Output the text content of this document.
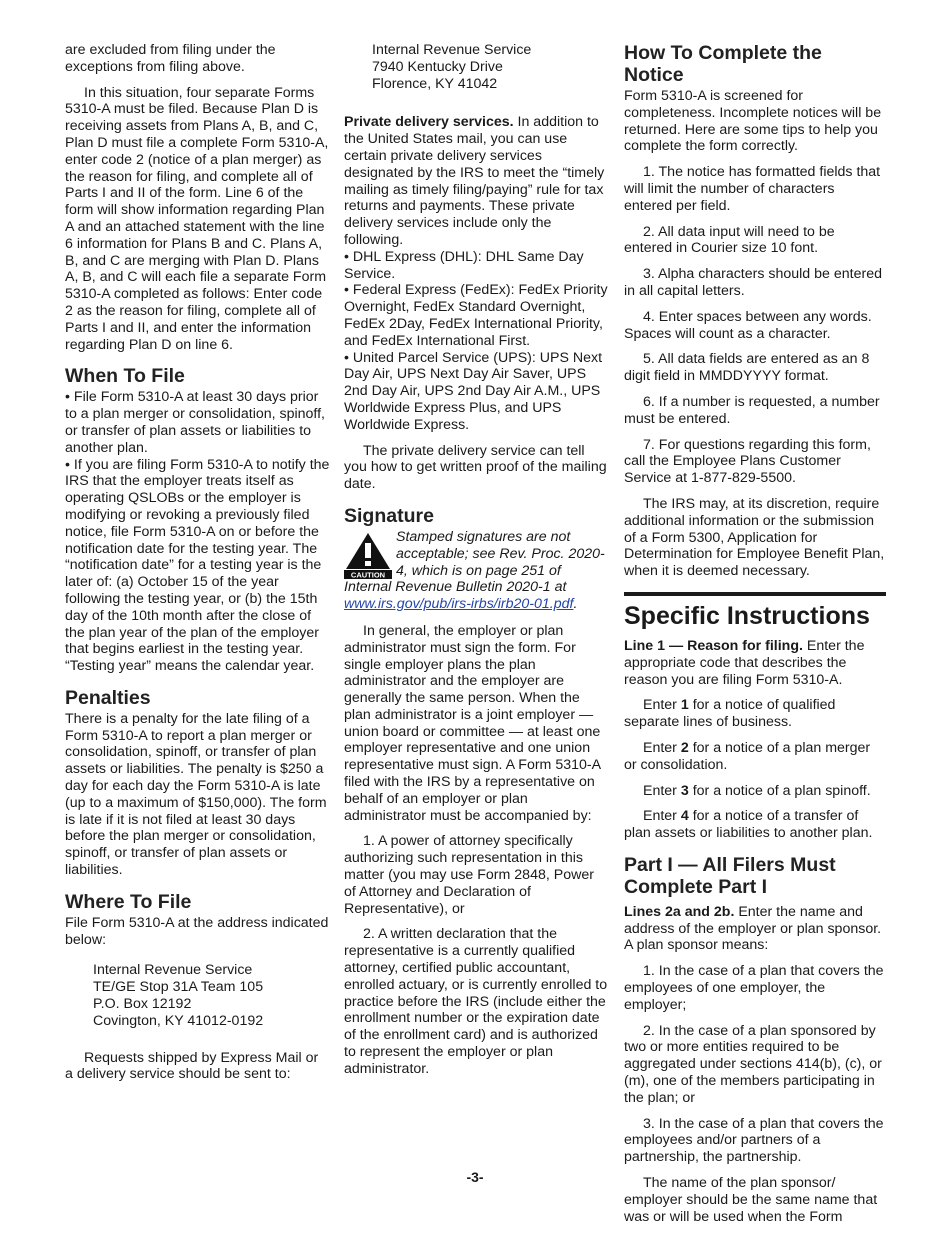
are excluded from filing under the exceptions from filing above.

In this situation, four separate Forms 5310-A must be filed. Because Plan D is receiving assets from Plans A, B, and C, Plan D must file a complete Form 5310-A, enter code 2 (notice of a plan merger) as the reason for filing, and complete all of Parts I and II of the form. Line 6 of the form will show information regarding Plan A and an attached statement with the line 6 information for Plans B and C. Plans A, B, and C are merging with Plan D. Plans A, B, and C will each file a separate Form 5310-A completed as follows: Enter code 2 as the reason for filing, complete all of Parts I and II, and enter the information regarding Plan D on line 6.

When To File

• File Form 5310-A at least 30 days prior to a plan merger or consolidation, spinoff, or transfer of plan assets or liabilities to another plan.

• If you are filing Form 5310-A to notify the IRS that the employer treats itself as operating QSLOBs or the employer is modifying or revoking a previously filed notice, file Form 5310-A on or before the notification date for the testing year. The “notification date” for a testing year is the later of: (a) October 15 of the year following the testing year, or (b) the 15th day of the 10th month after the close of the plan year of the plan of the employer that begins earliest in the testing year. “Testing year” means the calendar year.

Penalties

There is a penalty for the late filing of a Form 5310-A to report a plan merger or consolidation, spinoff, or transfer of plan assets or liabilities. The penalty is $250 a day for each day the Form 5310-A is late (up to a maximum of $150,000). The form is late if it is not filed at least 30 days before the plan merger or consolidation, spinoff, or transfer of plan assets or liabilities.

Where To File

File Form 5310-A at the address indicated below:

Internal Revenue Service
TE/GE Stop 31A Team 105
P.O. Box 12192
Covington, KY 41012-0192

Requests shipped by Express Mail or a delivery service should be sent to:

Internal Revenue Service
7940 Kentucky Drive
Florence, KY 41042

Private delivery services. In addition to the United States mail, you can use certain private delivery services designated by the IRS to meet the “timely mailing as timely filing/paying” rule for tax returns and payments. These private delivery services include only the following.

• DHL Express (DHL): DHL Same Day Service.

• Federal Express (FedEx): FedEx Priority Overnight, FedEx Standard Overnight, FedEx 2Day, FedEx International Priority, and FedEx International First.

• United Parcel Service (UPS): UPS Next Day Air, UPS Next Day Air Saver, UPS 2nd Day Air, UPS 2nd Day Air A.M., UPS Worldwide Express Plus, and UPS Worldwide Express.

The private delivery service can tell you how to get written proof of the mailing date.

Signature
CAUTION

Stamped signatures are not acceptable; see Rev. Proc. 2020-4, which is on page 251 of Internal Revenue Bulletin 2020-1 at www.irs.gov/pub/irs-irbs/irb20-01.pdf.

In general, the employer or plan administrator must sign the form. For single employer plans the plan administrator and the employer are generally the same person. When the plan administrator is a joint employer — union board or committee — at least one employer representative and one union representative must sign. A Form 5310-A filed with the IRS by a representative on behalf of an employer or plan administrator must be accompanied by:

1. A power of attorney specifically authorizing such representation in this matter (you may use Form 2848, Power of Attorney and Declaration of Representative), or

2. A written declaration that the representative is a currently qualified attorney, certified public accountant, enrolled actuary, or is currently enrolled to practice before the IRS (include either the enrollment number or the expiration date of the enrollment card) and is authorized to represent the employer or plan administrator.

How To Complete the Notice

Form 5310-A is screened for completeness. Incomplete notices will be returned. Here are some tips to help you complete the form correctly.

1. The notice has formatted fields that will limit the number of characters entered per field.

2. All data input will need to be entered in Courier size 10 font.

3. Alpha characters should be entered in all capital letters.

4. Enter spaces between any words. Spaces will count as a character.

5. All data fields are entered as an 8 digit field in MMDDYYYY format.

6. If a number is requested, a number must be entered.

7. For questions regarding this form, call the Employee Plans Customer Service at 1-877-829-5500.

The IRS may, at its discretion, require additional information or the submission of a Form 5300, Application for Determination for Employee Benefit Plan, when it is deemed necessary.

Specific Instructions

Line 1 — Reason for filing. Enter the appropriate code that describes the reason you are filing Form 5310-A.

Enter 1 for a notice of qualified separate lines of business.

Enter 2 for a notice of a plan merger or consolidation.

Enter 3 for a notice of a plan spinoff.

Enter 4 for a notice of a transfer of plan assets or liabilities to another plan.

Part I — All Filers Must Complete Part I

Lines 2a and 2b. Enter the name and address of the employer or plan sponsor. A plan sponsor means:

1. In the case of a plan that covers the employees of one employer, the employer;

2. In the case of a plan sponsored by two or more entities required to be aggregated under sections 414(b), (c), or (m), one of the members participating in the plan; or

3. In the case of a plan that covers the employees and/or partners of a partnership, the partnership.

The name of the plan sponsor/ employer should be the same name that was or will be used when the Form

-3-
